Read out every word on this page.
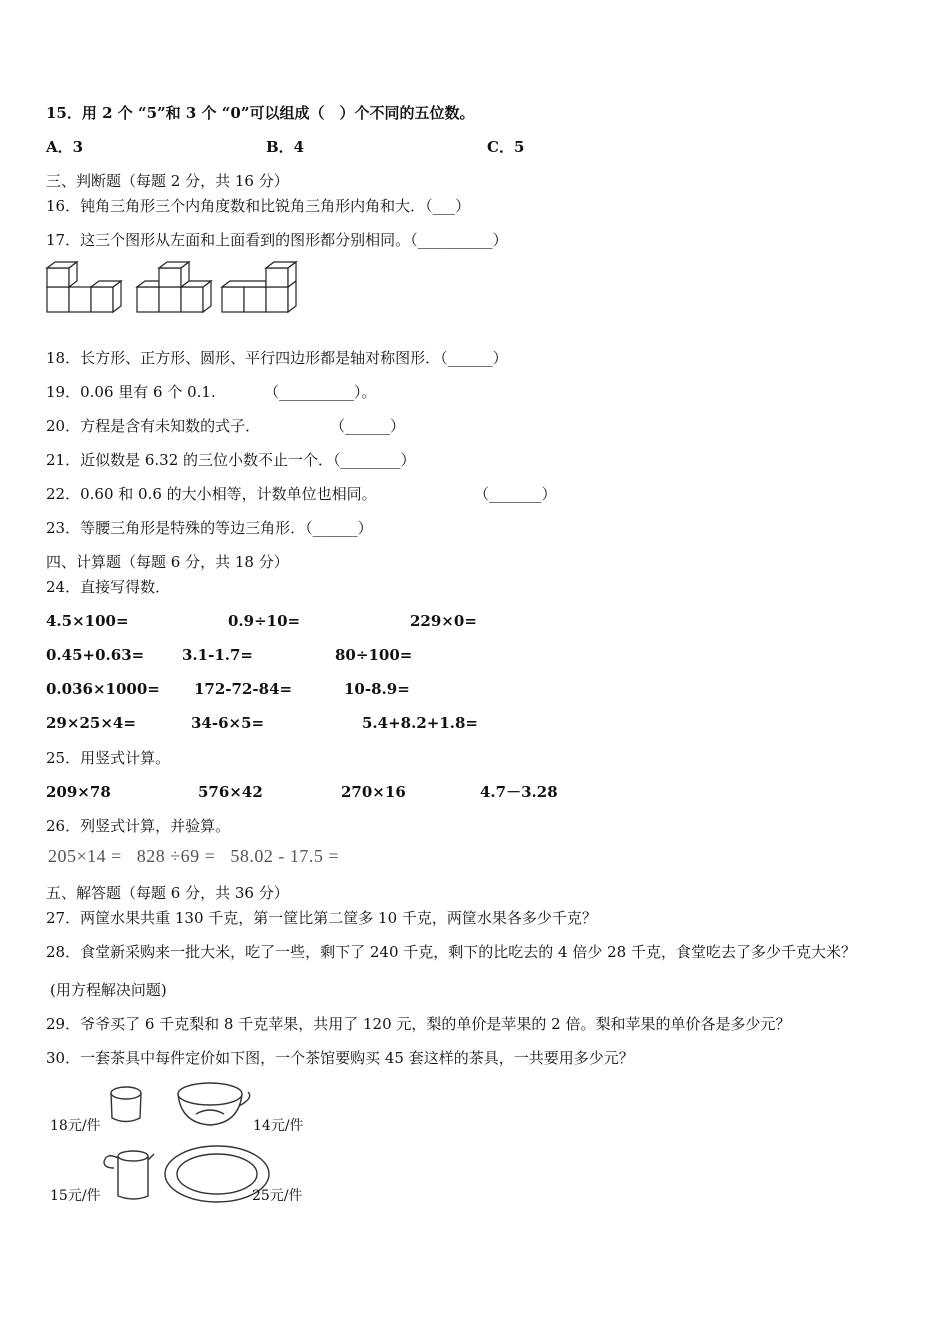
15．用 2 个 “5”和 3 个 “0”可以组成（　）个不同的五位数。
A．3	B．4	C．5
三、判断题（每题 2 分，共 16 分）
16．钝角三角形三个内角度数和比锐角三角形内角和大．（___）
17．这三个图形从左面和上面看到的图形都分别相同。（__________）
18．长方形、正方形、圆形、平行四边形都是轴对称图形．（______）
19．0.06 里有 6 个 0.1.	（__________）。
20．方程是含有未知数的式子．	（______）
21．近似数是 6.32 的三位小数不止一个．（________）
22．0.60 和 0.6 的大小相等，计数单位也相同。	（_______）
23．等腰三角形是特殊的等边三角形．（______）
四、计算题（每题 6 分，共 18 分）
24．直接写得数．
4.5×100=	0.9÷10=	229×0=
0.45+0.63=	3.1-1.7=	80÷100=
0.036×1000= 172-72-84=	10-8.9=
29×25×4=	34-6×5=	5.4+8.2+1.8=
25．用竖式计算。
209×78	576×42	270×16	4.7－3.28
26．列竖式计算，并验算。
205×14 =   828 ÷69 =   58.02 - 17.5 =
五、解答题（每题 6 分，共 36 分）
27．两筐水果共重 130 千克，第一筐比第二筐多 10 千克，两筐水果各多少千克？
28．食堂新采购来一批大米，吃了一些，剩下了 240 千克，剩下的比吃去的 4 倍少 28 千克，食堂吃去了多少千克大米？
(用方程解决问题)
29．爷爷买了 6 千克梨和 8 千克苹果，共用了 120 元，梨的单价是苹果的 2 倍。梨和苹果的单价各是多少元？
30．一套茶具中每件定价如下图，一个茶馆要购买 45 套这样的茶具，一共要用多少元？
18元/件	14元/件
15元/件	25元/件
